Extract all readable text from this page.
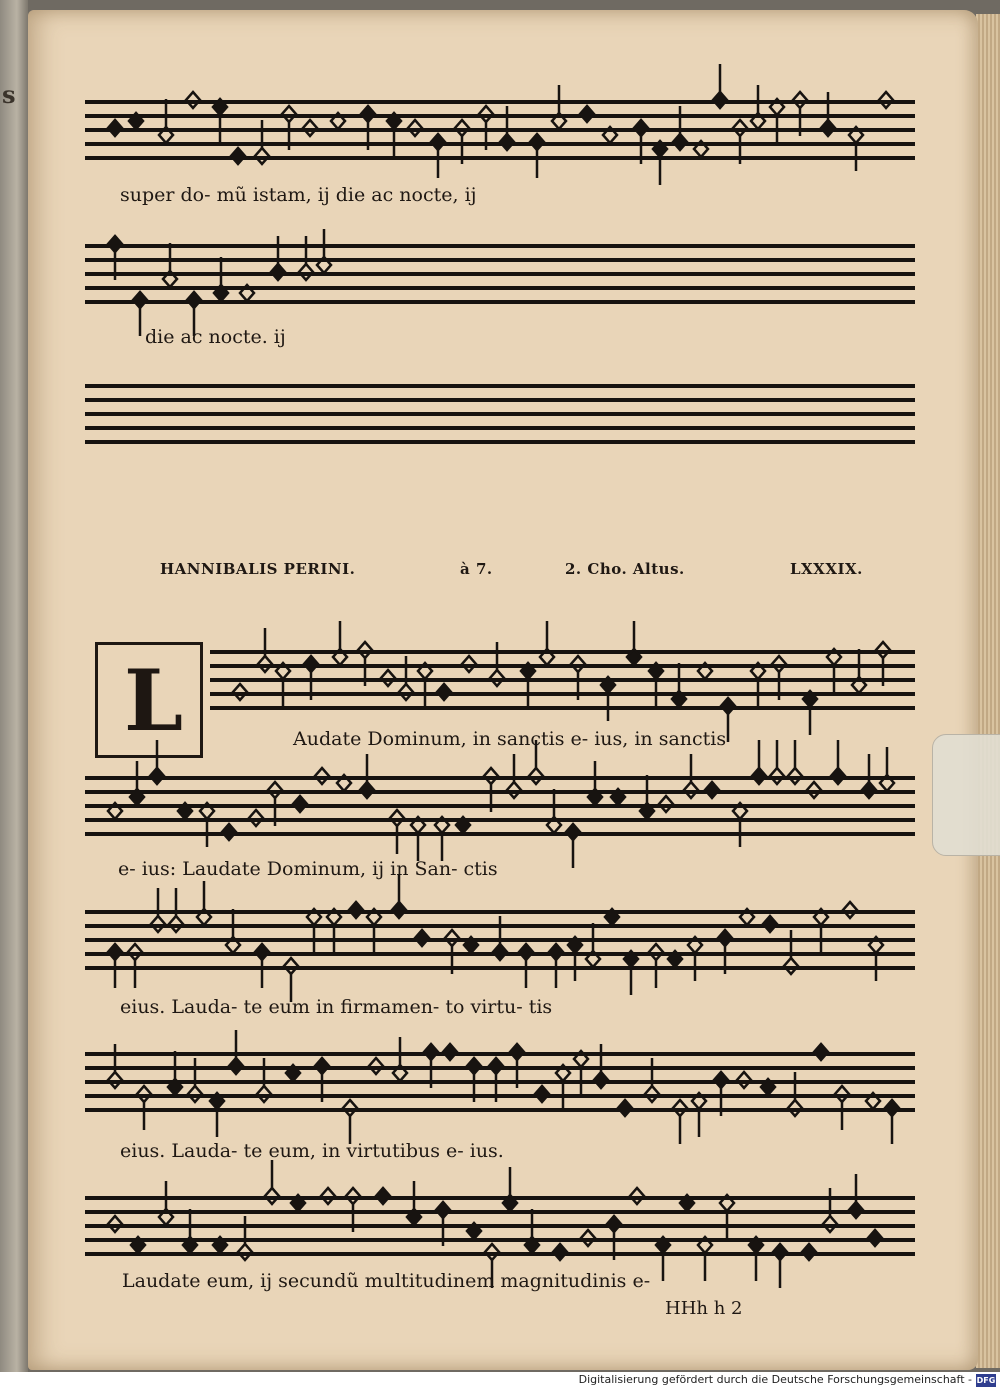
s
super do- mũ istam, ij die ac nocte, ij
die ac nocte. ij
HANNIBALIS PERINI.	à 7.	2. Cho. Altus.	LXXXIX.
L	Audate Dominum, in sanctis e- ius, in sanctis
e- ius: Laudate Dominum, ij in San- ctis
eius. Lauda- te eum in firmamen- to virtu- tis
eius. Lauda- te eum, in virtutibus e- ius.
Laudate eum, ij secundũ multitudinem magnitudinis e-
HHh h 2
Digitalisierung gefördert durch die Deutsche Forschungsgemeinschaft - DFG
